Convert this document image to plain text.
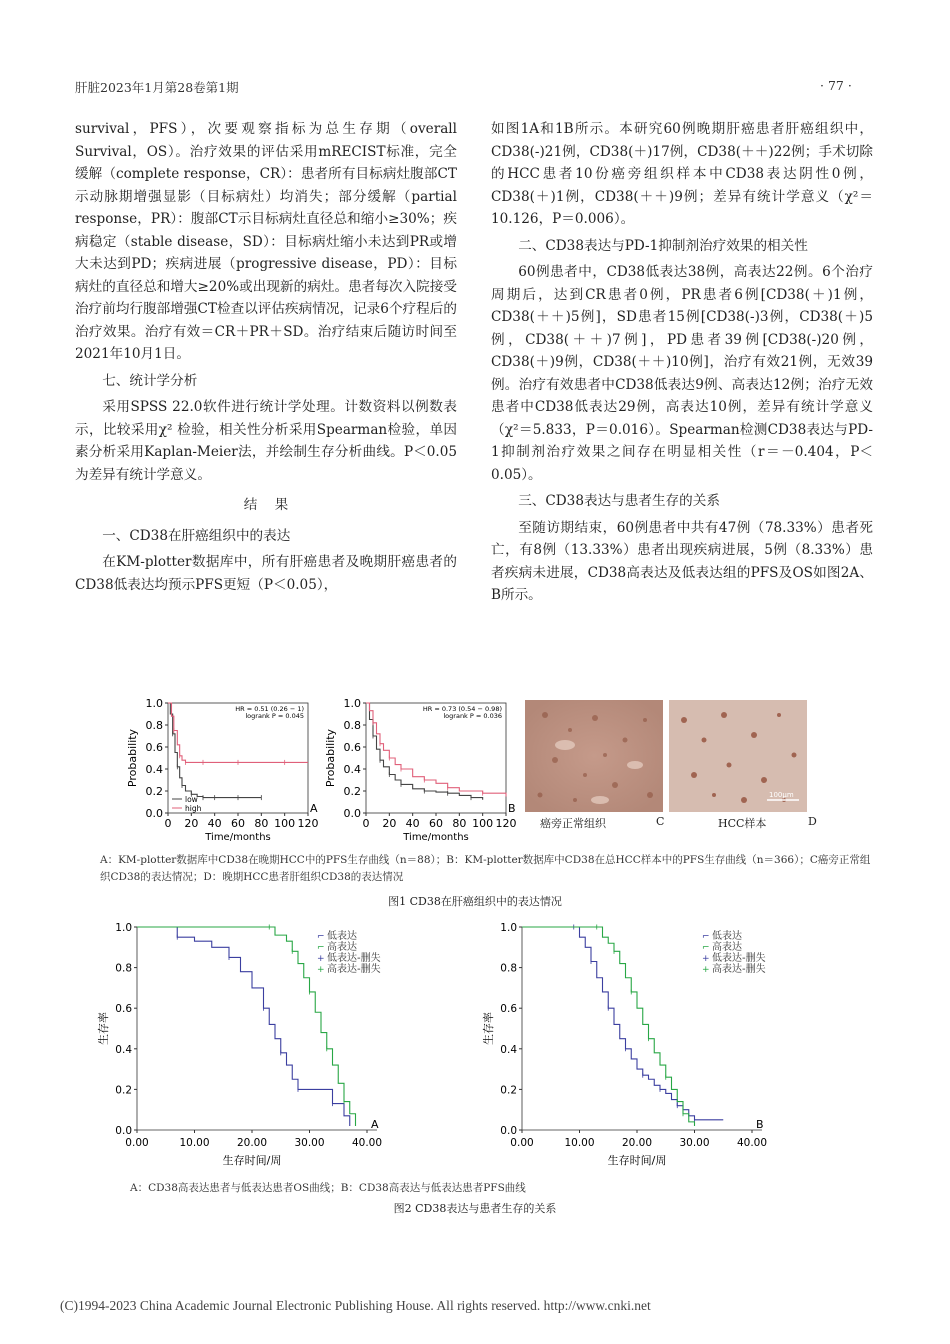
肝脏2023年1月第28卷第1期	· 77 ·

survival，PFS），次要观察指标为总生存期（overall Survival，OS）。治疗效果的评估采用mRECIST标准，完全缓解（complete response，CR）：患者所有目标病灶腹部CT示动脉期增强显影（目标病灶）均消失；部分缓解（partial response，PR）：腹部CT示目标病灶直径总和缩小≥30%；疾病稳定（stable disease，SD）：目标病灶缩小未达到PR或增大未达到PD；疾病进展（progressive disease，PD）：目标病灶的直径总和增大≥20%或出现新的病灶。患者每次入院接受治疗前均行腹部增强CT检查以评估疾病情况，记录6个疗程后的治疗效果。治疗有效＝CR＋PR＋SD。治疗结束后随访时间至2021年10月1日。

七、统计学分析

采用SPSS 22.0软件进行统计学处理。计数资料以例数表示，比较采用χ² 检验，相关性分析采用Spearman检验，单因素分析采用Kaplan-Meier法，并绘制生存分析曲线。P＜0.05为差异有统计学意义。

结    果

一、CD38在肝癌组织中的表达

在KM-plotter数据库中，所有肝癌患者及晚期肝癌患者的CD38低表达均预示PFS更短（P＜0.05），

如图1A和1B所示。本研究60例晚期肝癌患者肝癌组织中，CD38(-)21例，CD38(＋)17例，CD38(＋＋)22例；手术切除的HCC患者10份癌旁组织样本中CD38表达阴性0例，CD38(＋)1例，CD38(＋＋)9例；差异有统计学意义（χ²＝10.126，P＝0.006）。

二、CD38表达与PD-1抑制剂治疗效果的相关性

60例患者中，CD38低表达38例，高表达22例。6个治疗周期后，达到CR患者0例，PR患者6例[CD38(＋)1例，CD38(＋＋)5例]，SD患者15例[CD38(-)3例，CD38(＋)5例，CD38(＋＋)7例]，PD患者39例[CD38(-)20例，CD38(＋)9例，CD38(＋＋)10例]，治疗有效21例，无效39例。治疗有效患者中CD38低表达9例、高表达12例；治疗无效患者中CD38低表达29例，高表达10例，差异有统计学意义（χ²＝5.833，P＝0.016）。Spearman检测CD38表达与PD-1抑制剂治疗效果之间存在明显相关性（r＝－0.404，P＜0.05）。

三、CD38表达与患者生存的关系

至随访期结束，60例患者中共有47例（78.33%）患者死亡，有8例（13.33%）患者出现疾病进展，5例（8.33%）患者疾病未进展，CD38高表达及低表达组的PFS及OS如图2A、B所示。

0.0
0.2
0.4
0.6
0.8
1.0
0 20 40 60 80 100 120
Time/months
Probability
HR = 0.51 (0.26 − 1)
logrank P = 0.045
low
high	A 0.0
0.2
0.4
0.6
0.8
1.0
0 20 40 60 80 100 120
Time/months
Probability
HR = 0.73 (0.54 − 0.98)
logrank P = 0.036
B
100μm
癌旁正常组织	C	HCC样本	D
A：KM-plotter数据库中CD38在晚期HCC中的PFS生存曲线（n＝88）；B：KM-plotter数据库中CD38在总HCC样本中的PFS生存曲线（n＝366）；C癌旁正常组织CD38的表达情况；D：晚期HCC患者肝组织CD38的表达情况
图1 CD38在肝癌组织中的表达情况
0.0
0.2
0.4
0.6
0.8
1.0
0.00	10.00	20.00	30.00	40.00
生存时间/周
生存率
⌐ 低表达
⌐ 高表达
+ 低表达-删失
+ 高表达-删失
A	0.0
0.2
0.4
0.6
0.8
1.0
0.00	10.00	20.00	30.00	40.00
生存时间/周
生存率
⌐ 低表达
⌐ 高表达
+ 低表达-删失
+ 高表达-删失
B
A：CD38高表达患者与低表达患者OS曲线；B：CD38高表达与低表达患者PFS曲线
图2 CD38表达与患者生存的关系
(C)1994-2023 China Academic Journal Electronic Publishing House. All rights reserved. http://www.cnki.net
